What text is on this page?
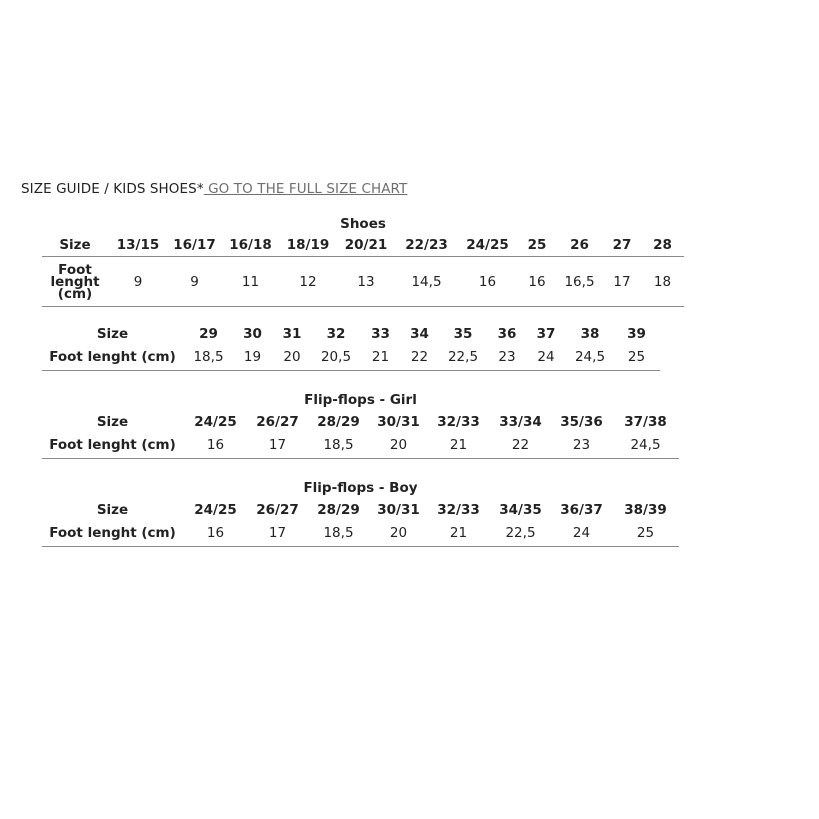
SIZE GUIDE / KIDS SHOES* GO TO THE FULL SIZE CHART
Shoes
Size	13/15	16/17	16/18	18/19	20/21	22/23	24/25	25	26	27	28
Foot
lenght
(cm)	9	9	11	12	13	14,5	16	16	16,5	17	18
Size	29	30	31	32	33	34	35	36	37	38	39
Foot lenght (cm)	18,5	19	20	20,5	21	22	22,5	23	24	24,5	25
Flip-flops - Girl
Size	24/25	26/27	28/29	30/31	32/33	33/34	35/36	37/38
Foot lenght (cm)	16	17	18,5	20	21	22	23	24,5
Flip-flops - Boy
Size	24/25	26/27	28/29	30/31	32/33	34/35	36/37	38/39
Foot lenght (cm)	16	17	18,5	20	21	22,5	24	25
